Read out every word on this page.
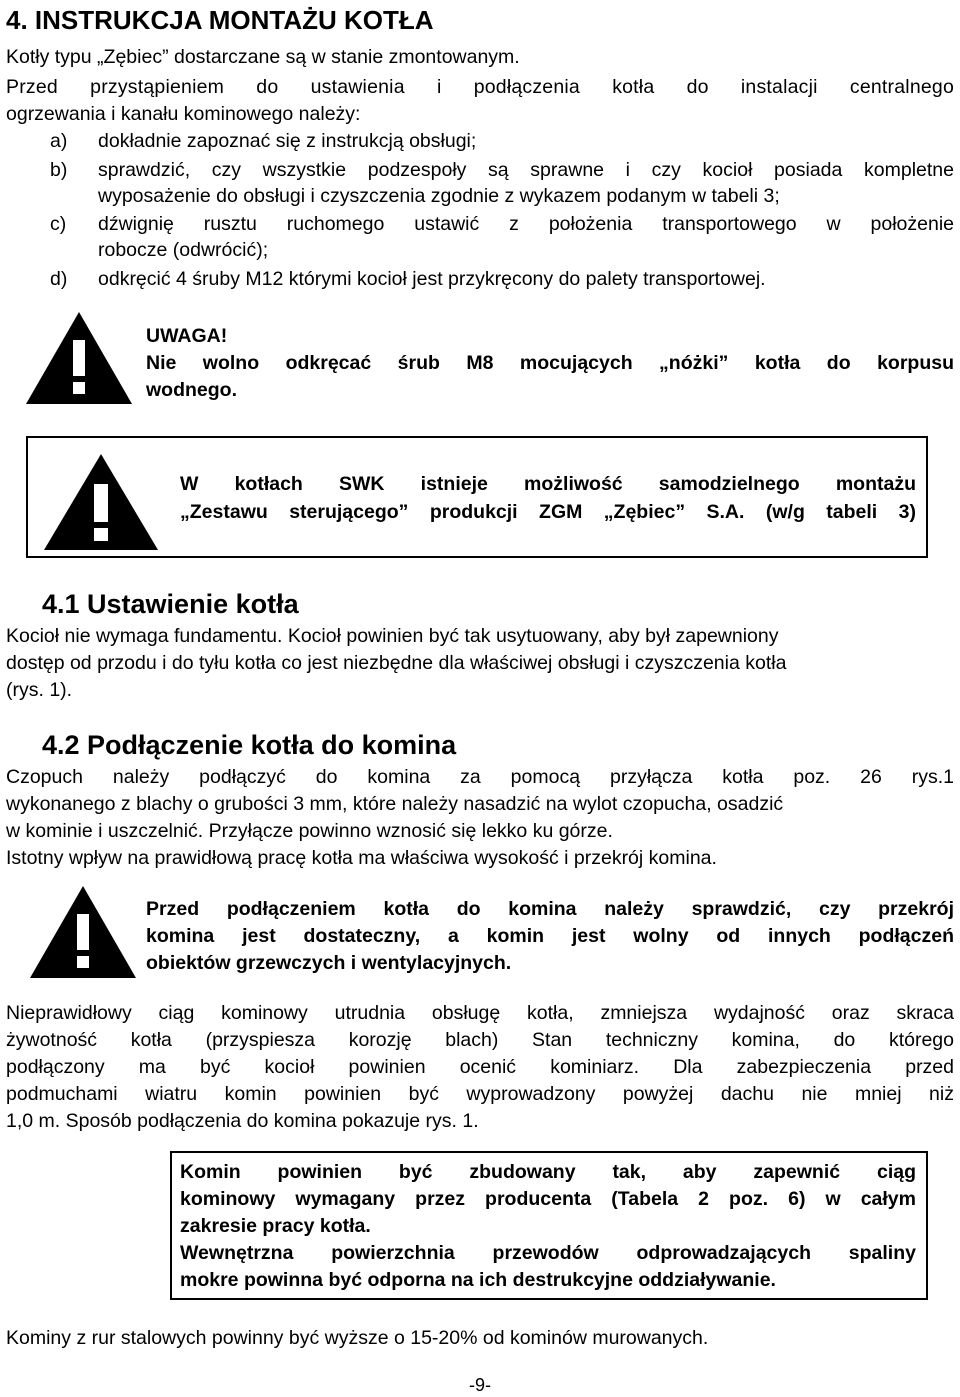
4. INSTRUKCJA MONTAŻU KOTŁA
Kotły typu „Zębiec” dostarczane są w stanie zmontowanym.
Przed przystąpieniem do ustawienia i podłączenia kotła do instalacji centralnego
ogrzewania i kanału kominowego należy:
a) dokładnie zapoznać się z instrukcją obsługi;
b) sprawdzić, czy wszystkie podzespoły są sprawne i czy kocioł posiada kompletne
wyposażenie do obsługi i czyszczenia zgodnie z wykazem podanym w tabeli 3;
c) dźwignię rusztu ruchomego ustawić z położenia transportowego w położenie
robocze (odwrócić);
d) odkręcić 4 śruby M12 którymi kocioł jest przykręcony do palety transportowej.
UWAGA!
Nie wolno odkręcać śrub M8 mocujących „nóżki” kotła do korpusu
wodnego.
W kotłach SWK istnieje możliwość samodzielnego montażu
„Zestawu sterującego” produkcji ZGM „Zębiec” S.A. (w/g tabeli 3)
4.1 Ustawienie kotła
Kocioł nie wymaga fundamentu. Kocioł powinien być tak usytuowany, aby był zapewniony
dostęp od przodu i do tyłu kotła co jest niezbędne dla właściwej obsługi i czyszczenia kotła
(rys. 1).
4.2 Podłączenie kotła do komina
Czopuch należy podłączyć do komina za pomocą przyłącza kotła poz. 26 rys.1
wykonanego z blachy o grubości 3 mm, które należy nasadzić na wylot czopucha, osadzić
w kominie i uszczelnić. Przyłącze powinno wznosić się lekko ku górze.
Istotny wpływ na prawidłową pracę kotła ma właściwa wysokość i przekrój komina.
Przed podłączeniem kotła do komina należy sprawdzić, czy przekrój
komina jest dostateczny, a komin jest wolny od innych podłączeń
obiektów grzewczych i wentylacyjnych.
Nieprawidłowy ciąg kominowy utrudnia obsługę kotła, zmniejsza wydajność oraz skraca
żywotność kotła (przyspiesza korozję blach) Stan techniczny komina, do którego
podłączony ma być kocioł powinien ocenić kominiarz. Dla zabezpieczenia przed
podmuchami wiatru komin powinien być wyprowadzony powyżej dachu nie mniej niż
1,0 m. Sposób podłączenia do komina pokazuje rys. 1.
Komin powinien być zbudowany tak, aby zapewnić ciąg
kominowy wymagany przez producenta (Tabela 2 poz. 6) w całym
zakresie pracy kotła.
Wewnętrzna powierzchnia przewodów odprowadzających spaliny
mokre powinna być odporna na ich destrukcyjne oddziaływanie.
Kominy z rur stalowych powinny być wyższe o 15-20% od kominów murowanych.
-9-
